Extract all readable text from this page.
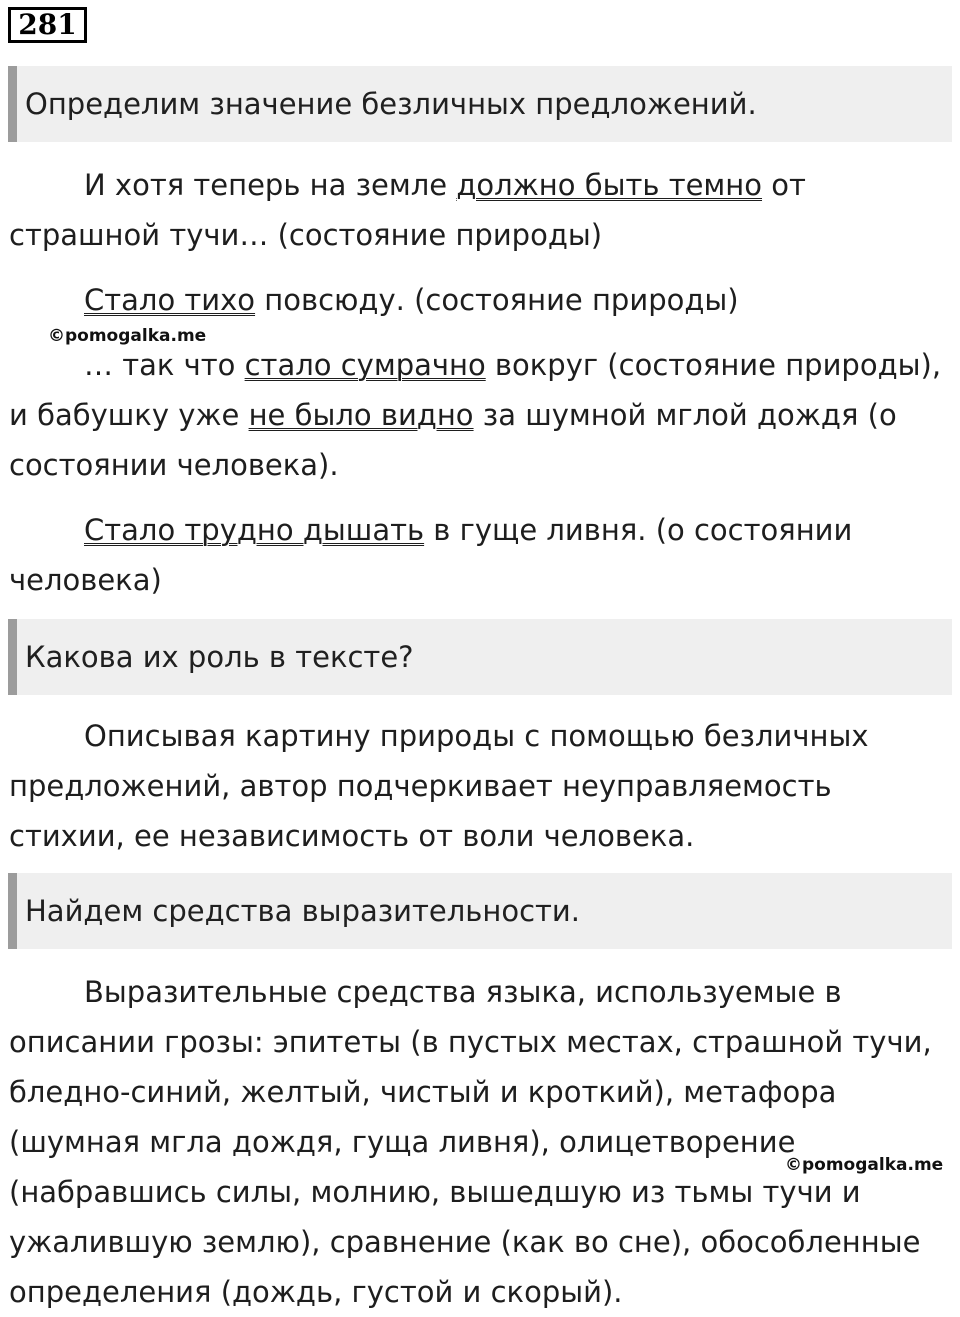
281
Определим значение безличных предложений.

И хотя теперь на земле должно быть темно от страшной тучи… (состояние природы)

Стало тихо повсюду. (состояние природы)

©pomogalka.me

… так что стало сумрачно вокруг (состояние природы), и бабушку уже не было видно за шумной мглой дождя (о состоянии человека).

Стало трудно дышать в гуще ливня. (о состоянии человека)

Какова их роль в тексте?

Описывая картину природы с помощью безличных предложений, автор подчеркивает неуправляемость стихии, ее независимость от воли человека.

Найдем средства выразительности.

Выразительные средства языка, используемые в описании грозы: эпитеты (в пустых местах, страшной тучи, бледно-синий, желтый, чистый и кроткий), метафора (шумная мгла дождя, гуща ливня), олицетворение (набравшись силы, молнию, вышедшую из тьмы тучи и ужалившую землю), сравнение (как во сне), обособленные определения (дождь, густой и скорый).

©pomogalka.me
